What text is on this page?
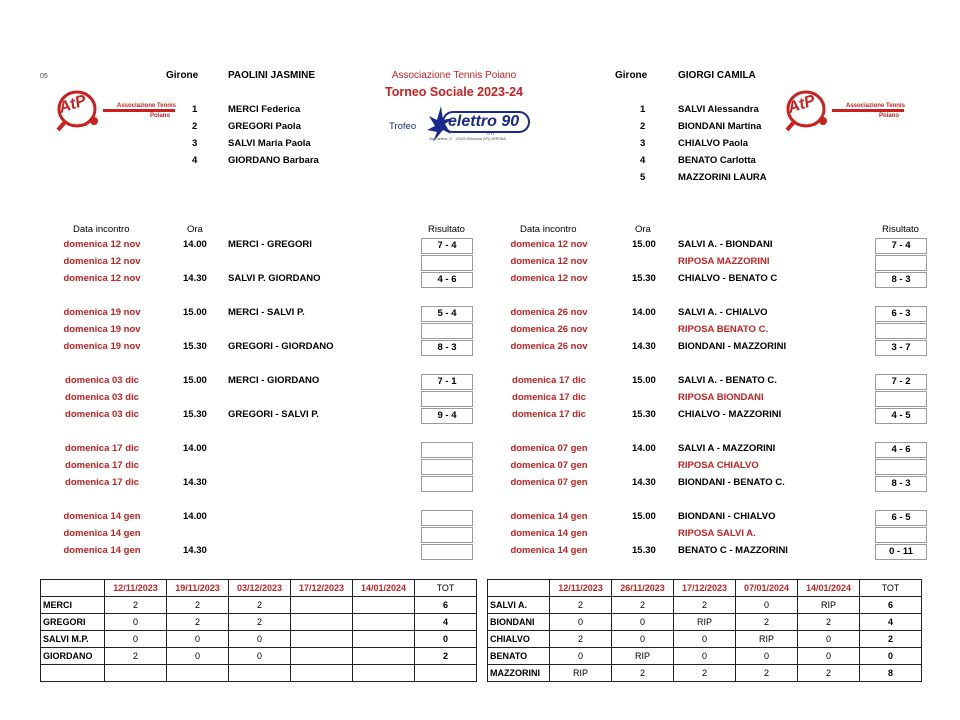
05
AtP	Associazione Tennis
Poiano
dal 1983
AtP	Associazione Tennis
Poiano
dal 1983
Girone	PAOLINI JASMINE
1	MERCI Federica
2	GREGORI Paola
3	SALVI Maria Paola
4	GIORDANO Barbara
Associazione Tennis Poiano
Torneo Sociale 2023-24
Trofeo elettro 90
S.r.l.
Via Cantina, 17 - 37020 Grezzana (VR) VERONA
Girone	GIORGI CAMILA
1	SALVI Alessandra
2	BIONDANI Martina
3	CHIALVO Paola
4	BENATO Carlotta
5	MAZZORINI LAURA
Data incontro	Ora	Risultato	Data incontro	Ora	Risultato
domenica 12 nov	14.00 MERCI - GREGORI	7 - 4
domenica 12 nov
domenica 12 nov	14.30 SALVI P. GIORDANO	4 - 6
domenica 19 nov	15.00 MERCI - SALVI P.	5 - 4
domenica 19 nov
domenica 19 nov	15.30 GREGORI - GIORDANO	8 - 3
domenica 03 dic	15.00 MERCI - GIORDANO	7 - 1
domenica 03 dic
domenica 03 dic	15.30 GREGORI - SALVI P.	9 - 4
domenica 17 dic	14.00
domenica 17 dic
domenica 17 dic	14.30
domenica 14 gen	14.00
domenica 14 gen
domenica 14 gen	14.30
domenica 12 nov	15.00 SALVI A. - BIONDANI	7 - 4
domenica 12 nov	RIPOSA MAZZORINI
domenica 12 nov	15.30 CHIALVO - BENATO C	8 - 3
domenica 26 nov	14.00 SALVI A. - CHIALVO	6 - 3
domenica 26 nov	RIPOSA BENATO C.
domenica 26 nov	14.30 BIONDANI - MAZZORINI	3 - 7
domenica 17 dic	15.00 SALVI A. - BENATO C.	7 - 2
domenica 17 dic	RIPOSA BIONDANI
domenica 17 dic	15.30 CHIALVO - MAZZORINI	4 - 5
domenica 07 gen	14.00 SALVI A - MAZZORINI	4 - 6
domenica 07 gen	RIPOSA CHIALVO
domenica 07 gen	14.30 BIONDANI - BENATO C.	8 - 3
domenica 14 gen	15.00 BIONDANI - CHIALVO	6 - 5
domenica 14 gen	RIPOSA SALVI A.
domenica 14 gen	15.30 BENATO C - MAZZORINI	0 - 11
	12/11/2023	19/11/2023	03/12/2023	17/12/2023	14/01/2024	TOT
MERCI	2	2	2			6
GREGORI	0	2	2			4
SALVI M.P.	0	0	0			0
GIORDANO	2	0	0			2

	12/11/2023	26/11/2023	17/12/2023	07/01/2024	14/01/2024	TOT
SALVI A.	2	2	2	0	RIP	6
BIONDANI	0	0	RIP	2	2	4
CHIALVO	2	0	0	RIP	0	2
BENATO	0	RIP	0	0	0	0
MAZZORINI	RIP	2	2	2	2	8
